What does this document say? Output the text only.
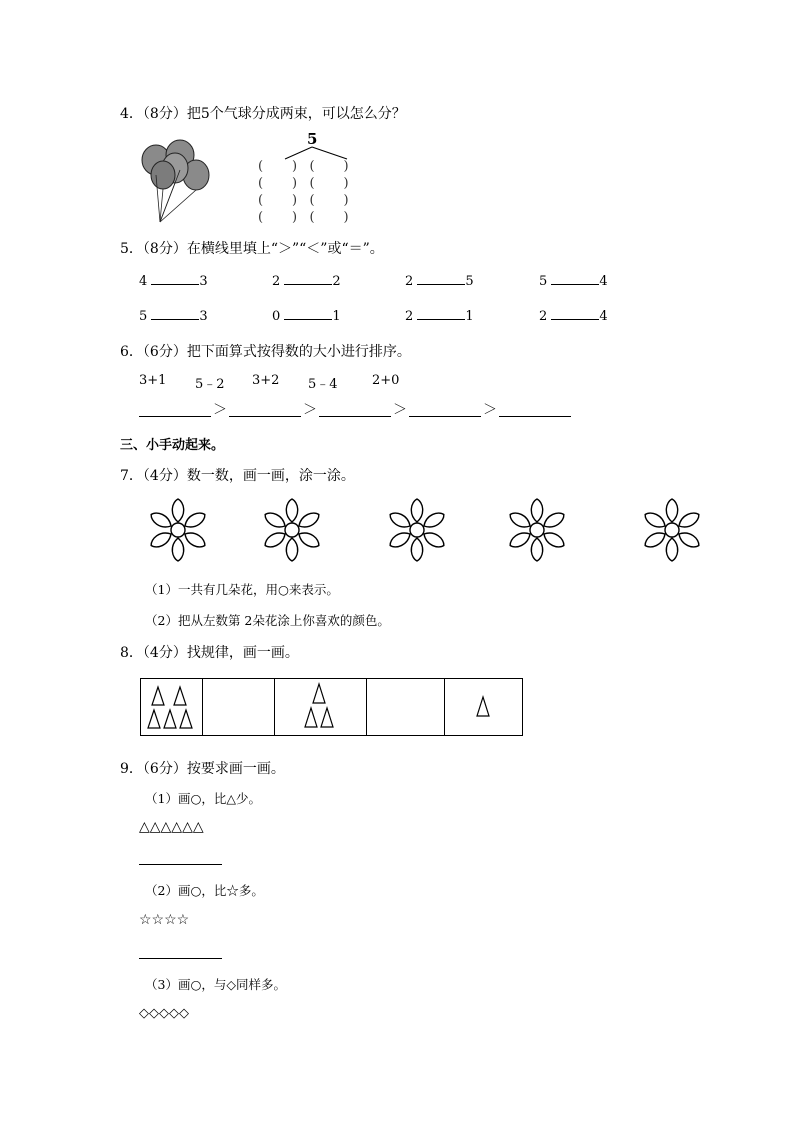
4．（8分）把5个气球分成两束，可以怎么分？
5
(       )   (       )
(       )   (       )
(       )   (       )
(       )   (       )
5．（8分）在横线里填上“＞”“＜”或“＝”。
4	3	2	2	2	5	5	4
5	3	0	1	2	1	2	4
6．（6分）把下面算式按得数的大小进行排序。
3+1 5﹣2 3+2 5﹣4	2+0
＞	＞	＞	＞
三、小手动起来。
7．（4分）数一数，画一画，涂一涂。
（1）一共有几朵花，用○来表示。
（2）把从左数第 2朵花涂上你喜欢的颜色。
8．（4分）找规律，画一画。
9．（6分）按要求画一画。
（1）画○，比△少。
△△△△△△
（2）画○，比☆多。
☆☆☆☆
（3）画○，与◇同样多。
◇◇◇◇◇
